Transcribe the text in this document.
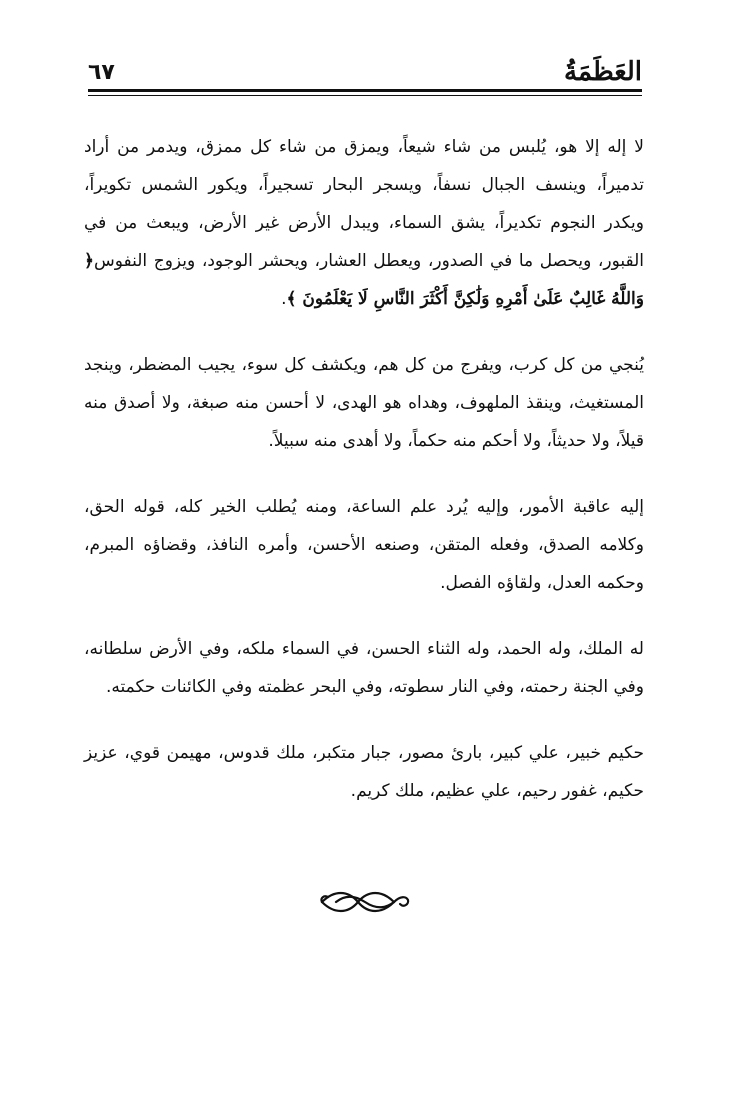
العَظَمَةُ
٦٧

لا إله إلا هو، يُلبس من شاء شيعاً، ويمزق من شاء كل ممزق، ويدمر من أراد تدميراً، وينسف الجبال نسفاً، ويسجر البحار تسجيراً، ويكور الشمس تكويراً، ويكدر النجوم تكديراً، يشق السماء، ويبدل الأرض غير الأرض، ويبعث من في القبور، ويحصل ما في الصدور، ويعطل العشار، ويحشر الوجود، ويزوج النفوس﴿ وَاللَّهُ غَالِبٌ عَلَىٰ أَمْرِهِ وَلَٰكِنَّ أَكْثَرَ النَّاسِ لَا يَعْلَمُونَ ﴾.

يُنجي من كل كرب، ويفرج من كل هم، ويكشف كل سوء، يجيب المضطر، وينجد المستغيث، وينقذ الملهوف، وهداه هو الهدى، لا أحسن منه صبغة، ولا أصدق منه قيلاً، ولا حديثاً، ولا أحكم منه حكماً، ولا أهدى منه سبيلاً.

إليه عاقبة الأمور، وإليه يُرد علم الساعة، ومنه يُطلب الخير كله، قوله الحق، وكلامه الصدق، وفعله المتقن، وصنعه الأحسن، وأمره النافذ، وقضاؤه المبرم، وحكمه العدل، ولقاؤه الفصل.

له الملك، وله الحمد، وله الثناء الحسن، في السماء ملكه، وفي الأرض سلطانه، وفي الجنة رحمته، وفي النار سطوته، وفي البحر عظمته وفي الكائنات حكمته.

حكيم خبير، علي كبير، بارئ مصور، جبار متكبر، ملك قدوس، مهيمن قوي، عزيز حكيم، غفور رحيم، علي عظيم، ملك كريم.
